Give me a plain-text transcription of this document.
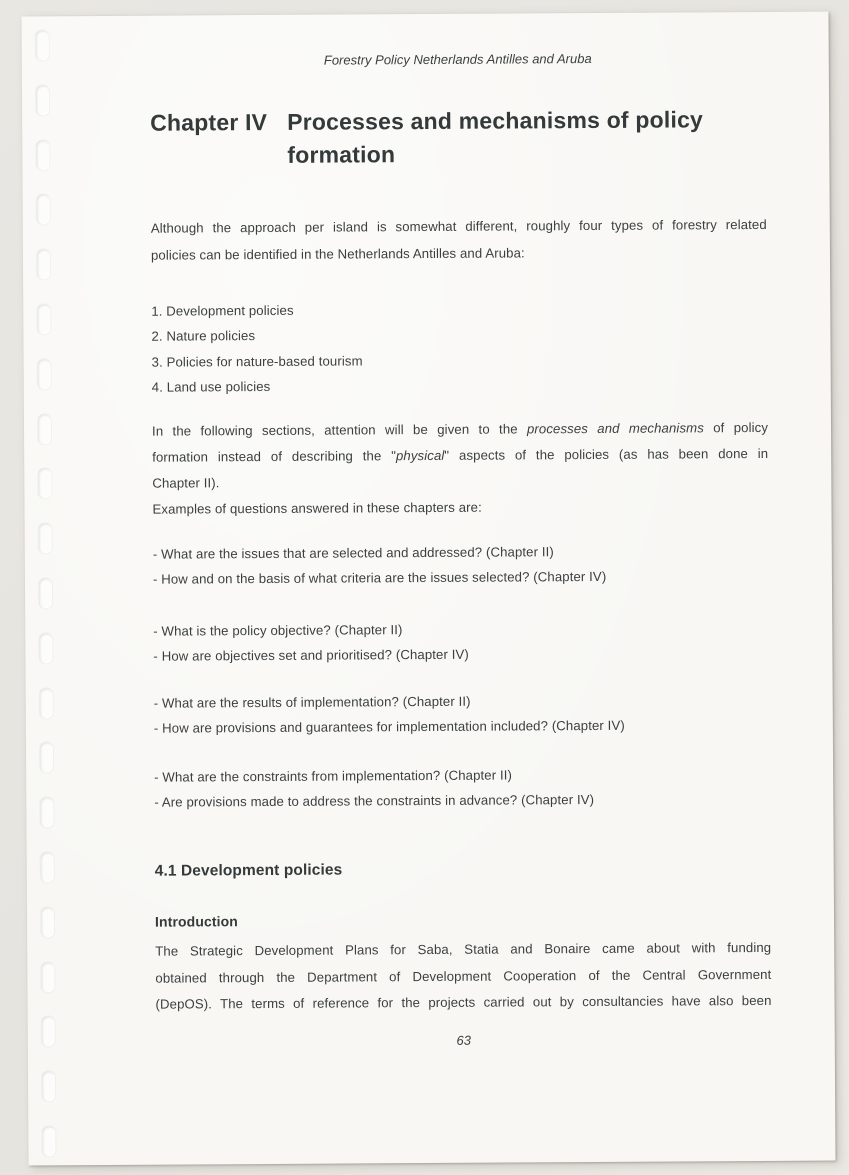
Forestry Policy Netherlands Antilles and Aruba
Chapter IV Processes and mechanisms of policy formation
Although the approach per island is somewhat different, roughly four types of forestry related
policies can be identified in the Netherlands Antilles and Aruba:
1. Development policies
2. Nature policies
3. Policies for nature-based tourism
4. Land use policies
In the following sections, attention will be given to the processes and mechanisms of policy
formation instead of describing the "physical" aspects of the policies (as has been done in
Chapter II).
Examples of questions answered in these chapters are:
- What are the issues that are selected and addressed? (Chapter II)
- How and on the basis of what criteria are the issues selected? (Chapter IV)
- What is the policy objective? (Chapter II)
- How are objectives set and prioritised? (Chapter IV)
- What are the results of implementation? (Chapter II)
- How are provisions and guarantees for implementation included? (Chapter IV)
- What are the constraints from implementation? (Chapter II)
- Are provisions made to address the constraints in advance? (Chapter IV)
4.1 Development policies
Introduction
The Strategic Development Plans for Saba, Statia and Bonaire came about with funding
obtained through the Department of Development Cooperation of the Central Government
(DepOS). The terms of reference for the projects carried out by consultancies have also been
63
